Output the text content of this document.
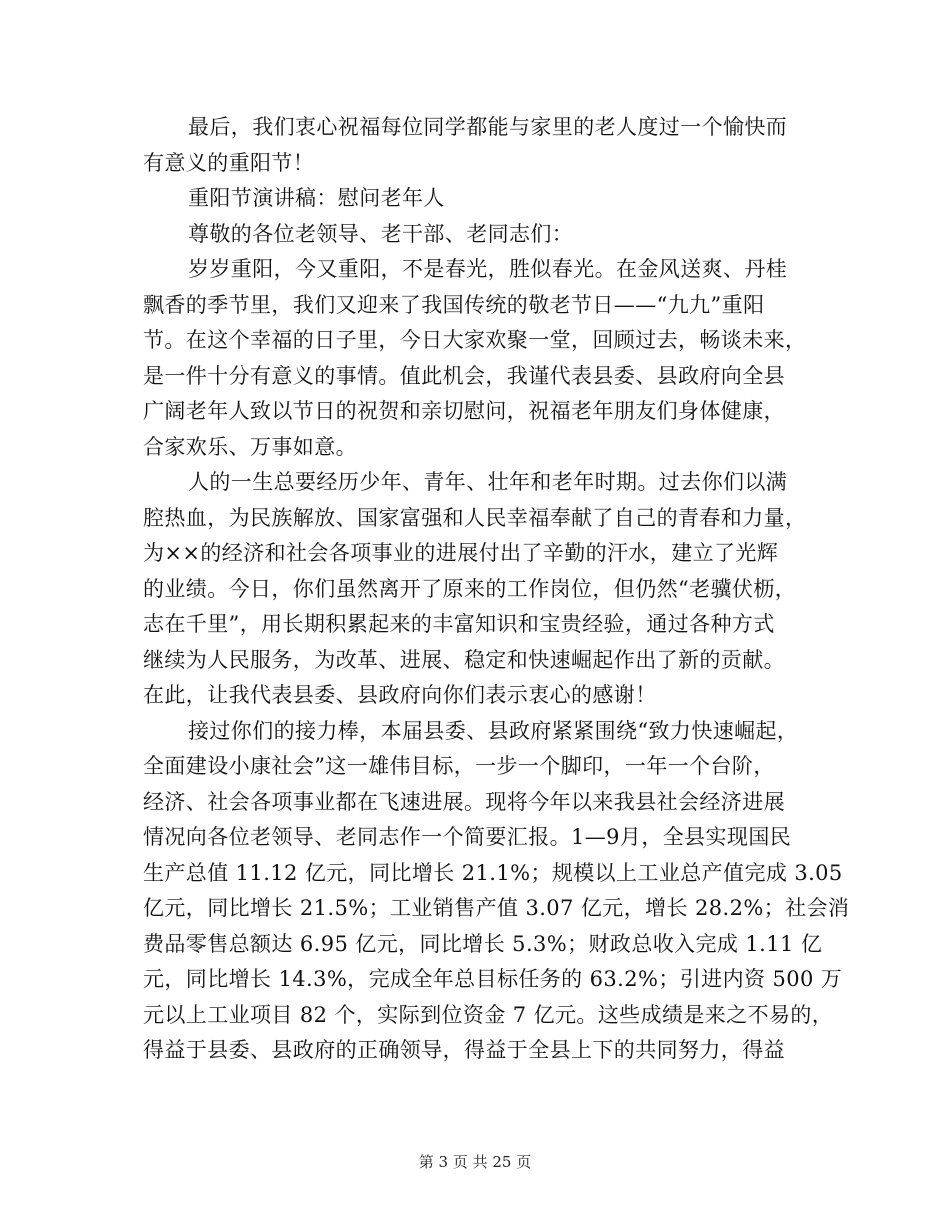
最后，我们衷心祝福每位同学都能与家里的老人度过一个愉快而
有意义的重阳节！
重阳节演讲稿：慰问老年人
尊敬的各位老领导、老干部、老同志们：
岁岁重阳，今又重阳，不是春光，胜似春光。在金风送爽、丹桂
飘香的季节里，我们又迎来了我国传统的敬老节日——“九九”重阳
节。在这个幸福的日子里，今日大家欢聚一堂，回顾过去，畅谈未来，
是一件十分有意义的事情。值此机会，我谨代表县委、县政府向全县
广阔老年人致以节日的祝贺和亲切慰问，祝福老年朋友们身体健康，
合家欢乐、万事如意。
人的一生总要经历少年、青年、壮年和老年时期。过去你们以满
腔热血，为民族解放、国家富强和人民幸福奉献了自己的青春和力量，
为××的经济和社会各项事业的进展付出了辛勤的汗水，建立了光辉
的业绩。今日，你们虽然离开了原来的工作岗位，但仍然“老骥伏枥，
志在千里”，用长期积累起来的丰富知识和宝贵经验，通过各种方式
继续为人民服务，为改革、进展、稳定和快速崛起作出了新的贡献。
在此，让我代表县委、县政府向你们表示衷心的感谢！
接过你们的接力棒，本届县委、县政府紧紧围绕“致力快速崛起，
全面建设小康社会”这一雄伟目标，一步一个脚印，一年一个台阶，
经济、社会各项事业都在飞速进展。现将今年以来我县社会经济进展
情况向各位老领导、老同志作一个简要汇报。1—9月，全县实现国民
生产总值 11.12 亿元，同比增长 21.1%；规模以上工业总产值完成 3.05
亿元，同比增长 21.5%；工业销售产值 3.07 亿元，增长 28.2%；社会消
费品零售总额达 6.95 亿元，同比增长 5.3%；财政总收入完成 1.11 亿
元，同比增长 14.3%，完成全年总目标任务的 63.2%；引进内资 500 万
元以上工业项目 82 个，实际到位资金 7 亿元。这些成绩是来之不易的，
得益于县委、县政府的正确领导，得益于全县上下的共同努力，得益
第 3 页 共 25 页
